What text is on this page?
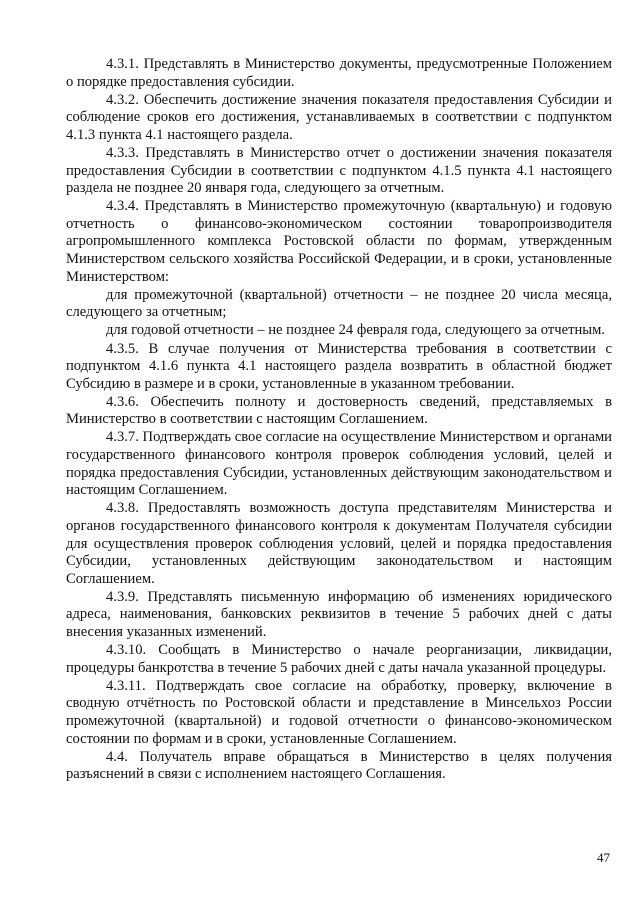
4.3.1. Представлять в Министерство документы, предусмотренные Положением о порядке предоставления субсидии.

4.3.2. Обеспечить достижение значения показателя предоставления Субсидии и соблюдение сроков его достижения, устанавливаемых в соответствии с подпунктом 4.1.3 пункта 4.1 настоящего раздела.

4.3.3. Представлять в Министерство отчет о достижении значения показателя предоставления Субсидии в соответствии с подпунктом 4.1.5 пункта 4.1 настоящего раздела не позднее 20 января года, следующего за отчетным.

4.3.4. Представлять в Министерство промежуточную (квартальную) и годовую отчетность о финансово-экономическом состоянии товаропроизводителя агропромышленного комплекса Ростовской области по формам, утвержденным Министерством сельского хозяйства Российской Федерации, и в сроки, установленные Министерством:

для промежуточной (квартальной) отчетности – не позднее 20 числа месяца, следующего за отчетным;

для годовой отчетности – не позднее 24 февраля года, следующего за отчетным.

4.3.5. В случае получения от Министерства требования в соответствии с подпунктом 4.1.6 пункта 4.1 настоящего раздела возвратить в областной бюджет Субсидию в размере и в сроки, установленные в указанном требовании.

4.3.6. Обеспечить полноту и достоверность сведений, представляемых в Министерство в соответствии с настоящим Соглашением.

4.3.7. Подтверждать свое согласие на осуществление Министерством и органами государственного финансового контроля проверок соблюдения условий, целей и порядка предоставления Субсидии, установленных действующим законодательством и настоящим Соглашением.

4.3.8. Предоставлять возможность доступа представителям Министерства и органов государственного финансового контроля к документам Получателя субсидии для осуществления проверок соблюдения условий, целей и порядка предоставления Субсидии, установленных действующим законодательством и настоящим Соглашением.

4.3.9. Представлять письменную информацию об изменениях юридического адреса, наименования, банковских реквизитов в течение 5 рабочих дней с даты внесения указанных изменений.

4.3.10. Сообщать в Министерство о начале реорганизации, ликвидации, процедуры банкротства в течение 5 рабочих дней с даты начала указанной процедуры.

4.3.11. Подтверждать свое согласие на обработку, проверку, включение в сводную отчётность по Ростовской области и представление в Минсельхоз России промежуточной (квартальной) и годовой отчетности о финансово-экономическом состоянии по формам и в сроки, установленные Соглашением.

4.4. Получатель вправе обращаться в Министерство в целях получения разъяснений в связи с исполнением настоящего Соглашения.

47
